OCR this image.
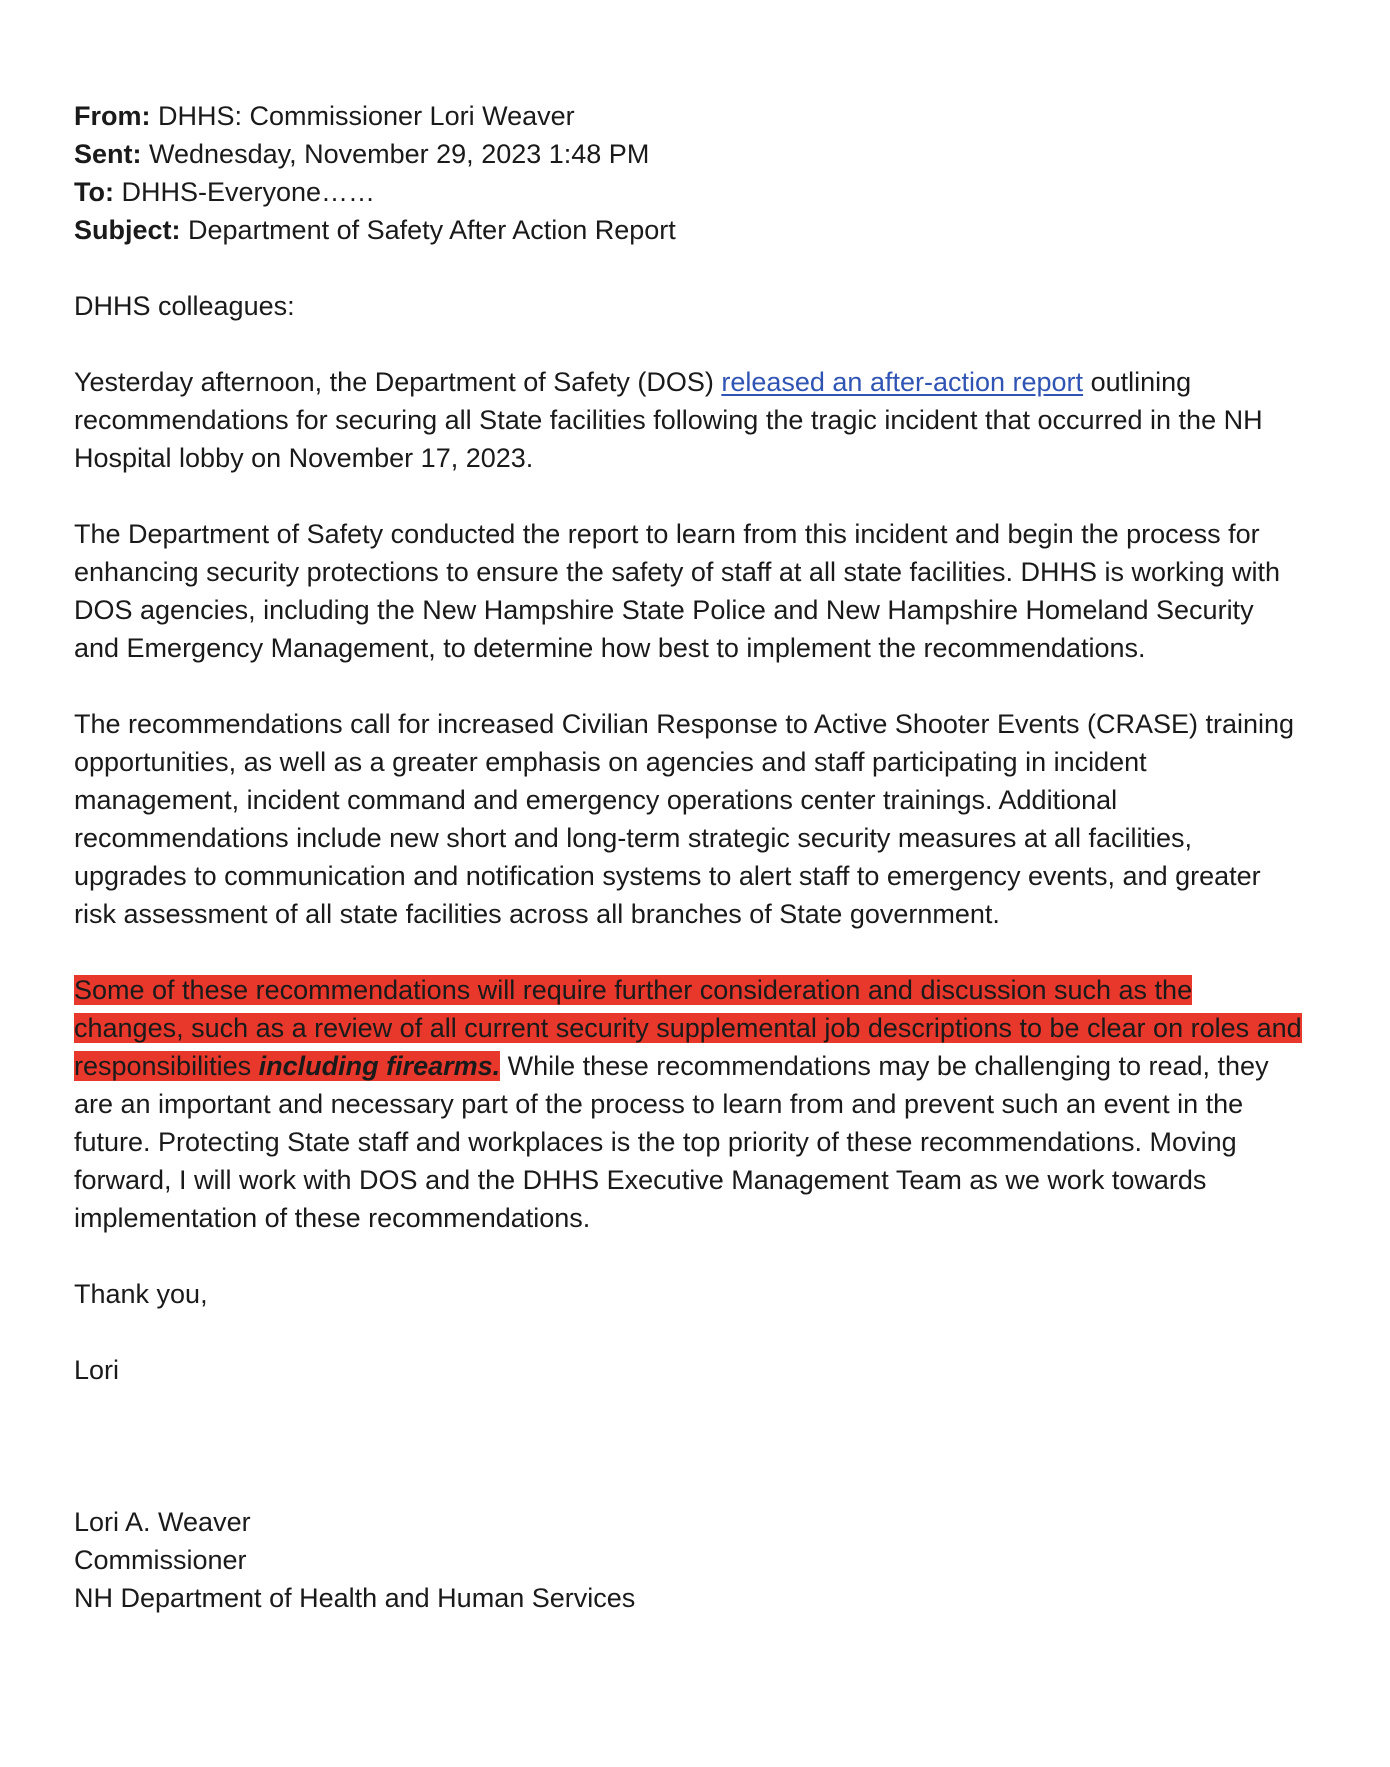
From: DHHS: Commissioner Lori Weaver
Sent: Wednesday, November 29, 2023 1:48 PM
To: DHHS-Everyone……
Subject: Department of Safety After Action Report

DHHS colleagues:

Yesterday afternoon, the Department of Safety (DOS) released an after-action report outlining recommendations for securing all State facilities following the tragic incident that occurred in the NH Hospital lobby on November 17, 2023.

The Department of Safety conducted the report to learn from this incident and begin the process for enhancing security protections to ensure the safety of staff at all state facilities. DHHS is working with DOS agencies, including the New Hampshire State Police and New Hampshire Homeland Security and Emergency Management, to determine how best to implement the recommendations.

The recommendations call for increased Civilian Response to Active Shooter Events (CRASE) training opportunities, as well as a greater emphasis on agencies and staff participating in incident management, incident command and emergency operations center trainings. Additional recommendations include new short and long-term strategic security measures at all facilities, upgrades to communication and notification systems to alert staff to emergency events, and greater risk assessment of all state facilities across all branches of State government.

Some of these recommendations will require further consideration and discussion such as the changes, such as a review of all current security supplemental job descriptions to be clear on roles and responsibilities including firearms. While these recommendations may be challenging to read, they are an important and necessary part of the process to learn from and prevent such an event in the future. Protecting State staff and workplaces is the top priority of these recommendations. Moving forward, I will work with DOS and the DHHS Executive Management Team as we work towards implementation of these recommendations.

Thank you,

Lori

Lori A. Weaver
Commissioner
NH Department of Health and Human Services
